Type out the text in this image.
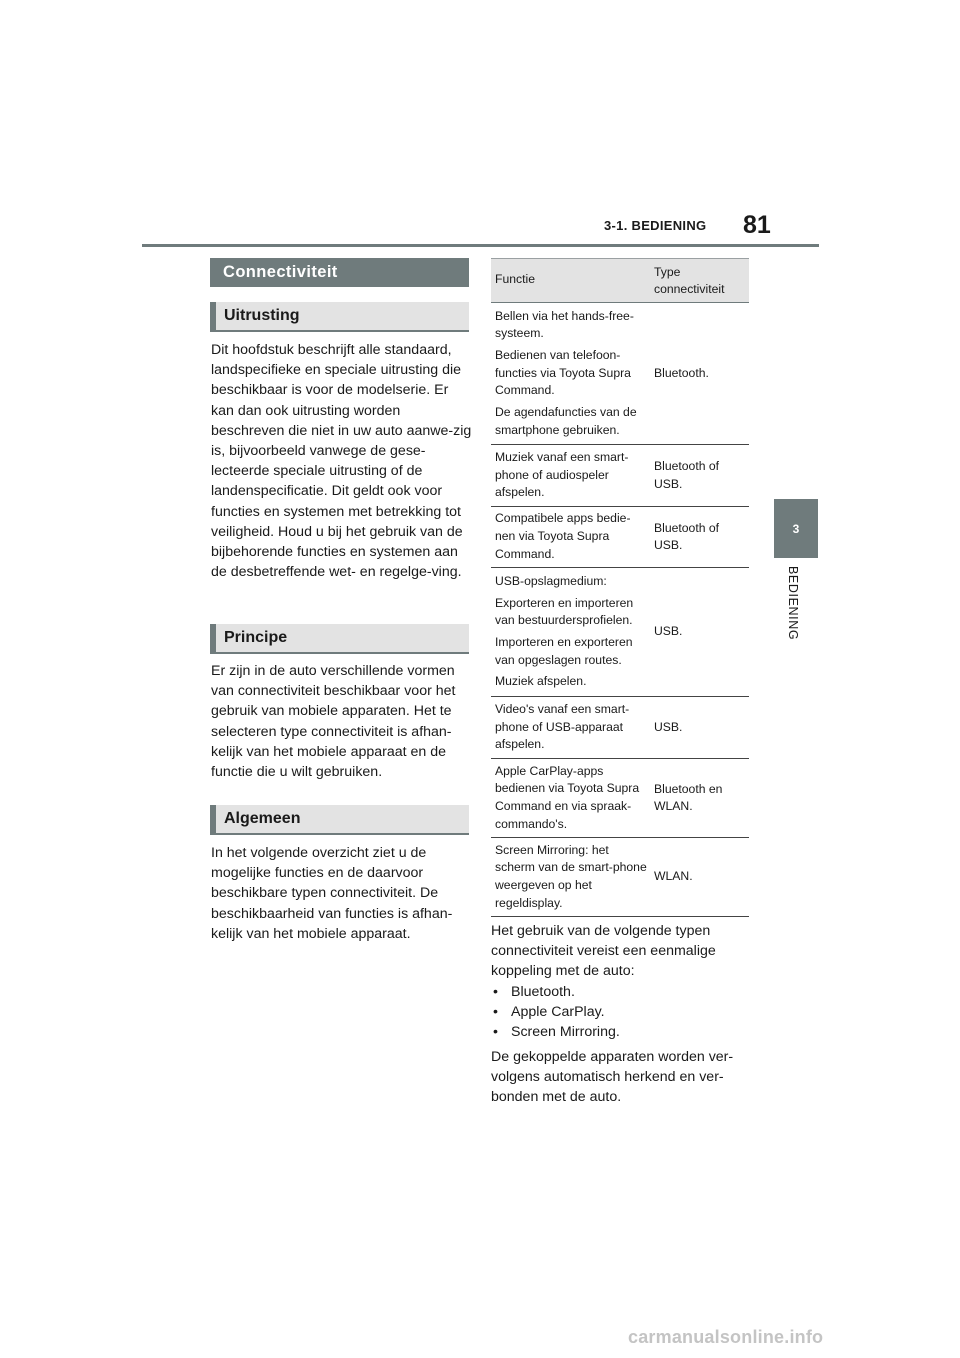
3-1. BEDIENING 81
3
BEDIENING
Connectiviteit
Uitrusting

Dit hoofdstuk beschrijft alle standaard, landspecifieke en speciale uitrusting die beschikbaar is voor de modelserie. Er kan dan ook uitrusting worden beschreven die niet in uw auto aanwe-zig is, bijvoorbeeld vanwege de gese-lecteerde speciale uitrusting of de landenspecificatie. Dit geldt ook voor functies en systemen met betrekking tot veiligheid. Houd u bij het gebruik van de bijbehorende functies en systemen aan de desbetreffende wet- en regelge-ving.

Principe

Er zijn in de auto verschillende vormen van connectiviteit beschikbaar voor het gebruik van mobiele apparaten. Het te selecteren type connectiviteit is afhan-kelijk van het mobiele apparaat en de functie die u wilt gebruiken.

Algemeen

In het volgende overzicht ziet u de mogelijke functies en de daarvoor beschikbare typen connectiviteit. De beschikbaarheid van functies is afhan-kelijk van het mobiele apparaat.

Functie	Type connectiviteit

Bellen via het hands-free-systeem.

Bedienen van telefoon-functies via Toyota Supra Command.

De agendafuncties van de smartphone gebruiken.

Bluetooth.

Muziek vanaf een smart-phone of audiospeler afspelen.

Bluetooth of USB.

Compatibele apps bedie-nen via Toyota Supra Command.

Bluetooth of USB.

USB-opslagmedium:

Exporteren en importeren van bestuurdersprofielen.

Importeren en exporteren van opgeslagen routes.

Muziek afspelen.

USB.

Video's vanaf een smart-phone of USB-apparaat afspelen.

USB.

Apple CarPlay-apps bedienen via Toyota Supra Command en via spraak-commando's.

Bluetooth en WLAN.

Screen Mirroring: het scherm van de smart-phone weergeven op het regeldisplay.

WLAN.

Het gebruik van de volgende typen connectiviteit vereist een eenmalige koppeling met de auto:

• Bluetooth.
• Apple CarPlay.
• Screen Mirroring.

De gekoppelde apparaten worden ver-volgens automatisch herkend en ver-bonden met de auto.

carmanualsonline.info
